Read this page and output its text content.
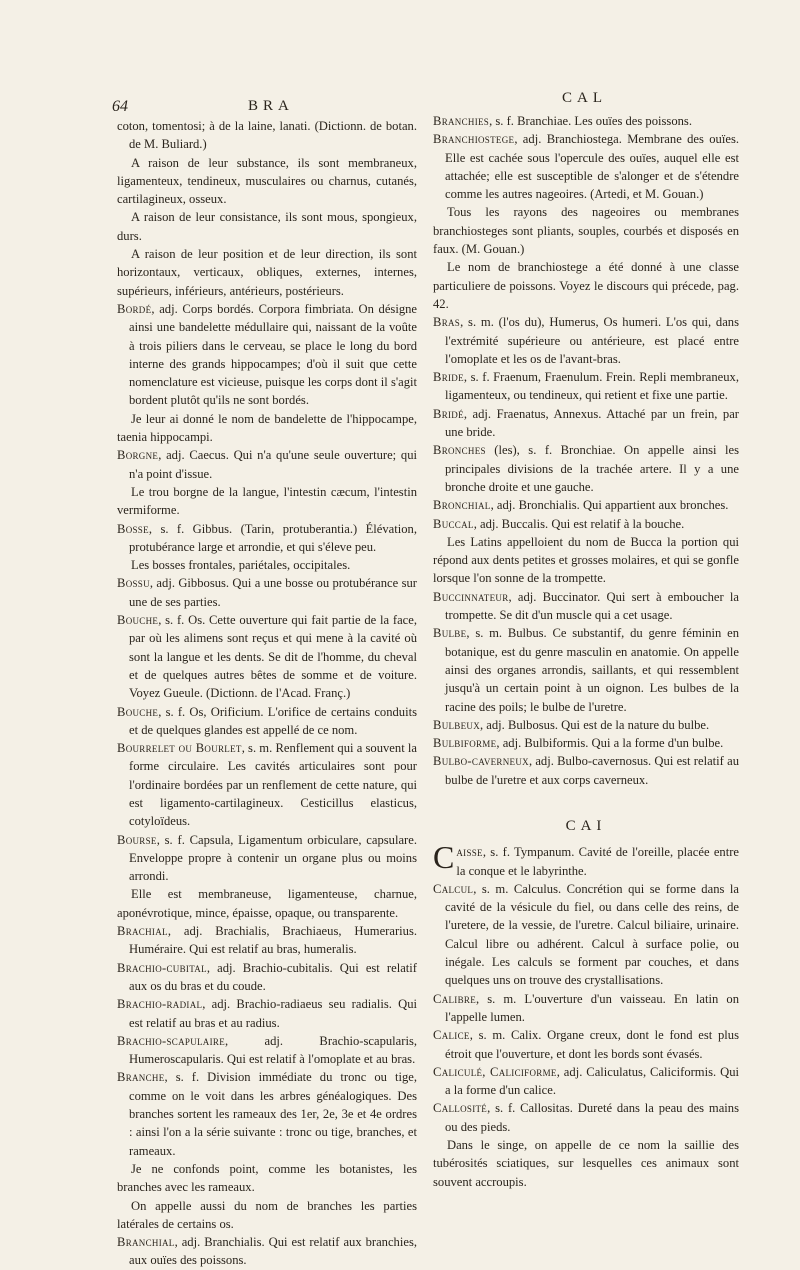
64	BRA	CAL

coton, tomentosi; à de la laine, lanati. (Dictionn. de botan. de M. Buliard.)

A raison de leur substance, ils sont membraneux, ligamenteux, tendineux, musculaires ou charnus, cutanés, cartilagineux, osseux.

A raison de leur consistance, ils sont mous, spongieux, durs.

A raison de leur position et de leur direction, ils sont horizontaux, verticaux, obliques, externes, internes, supérieurs, inférieurs, antérieurs, postérieurs.

Bordé, adj. Corps bordés. Corpora fimbriata. On désigne ainsi une bandelette médullaire qui, naissant de la voûte à trois piliers dans le cerveau, se place le long du bord interne des grands hippocampes; d'où il suit que cette nomenclature est vicieuse, puisque les corps dont il s'agit bordent plutôt qu'ils ne sont bordés.

Je leur ai donné le nom de bandelette de l'hippocampe, taenia hippocampi.

Borgne, adj. Caecus. Qui n'a qu'une seule ouverture; qui n'a point d'issue.

Le trou borgne de la langue, l'intestin cæcum, l'intestin vermiforme.

Bosse, s. f. Gibbus. (Tarin, protuberantia.) Élévation, protubérance large et arrondie, et qui s'éleve peu.

Les bosses frontales, pariétales, occipitales.

Bossu, adj. Gibbosus. Qui a une bosse ou protubérance sur une de ses parties.

Bouche, s. f. Os. Cette ouverture qui fait partie de la face, par où les alimens sont reçus et qui mene à la cavité où sont la langue et les dents. Se dit de l'homme, du cheval et de quelques autres bêtes de somme et de voiture. Voyez Gueule. (Dictionn. de l'Acad. Franç.)

Bouche, s. f. Os, Orificium. L'orifice de certains conduits et de quelques glandes est appellé de ce nom.

Bourrelet ou Bourlet, s. m. Renflement qui a souvent la forme circulaire. Les cavités articulaires sont pour l'ordinaire bordées par un renflement de cette nature, qui est ligamento-cartilagineux. Cesticillus elasticus, cotyloïdeus.

Bourse, s. f. Capsula, Ligamentum orbiculare, capsulare. Enveloppe propre à contenir un organe plus ou moins arrondi.

Elle est membraneuse, ligamenteuse, charnue, aponévrotique, mince, épaisse, opaque, ou transparente.

Brachial, adj. Brachialis, Brachiaeus, Humerarius. Huméraire. Qui est relatif au bras, humeralis.

Brachio-cubital, adj. Brachio-cubitalis. Qui est relatif aux os du bras et du coude.

Brachio-radial, adj. Brachio-radiaeus seu radialis. Qui est relatif au bras et au radius.

Brachio-scapulaire, adj. Brachio-scapularis, Humeroscapularis. Qui est relatif à l'omoplate et au bras.

Branche, s. f. Division immédiate du tronc ou tige, comme on le voit dans les arbres généalogiques. Des branches sortent les rameaux des 1er, 2e, 3e et 4e ordres : ainsi l'on a la série suivante : tronc ou tige, branches, et rameaux.

Je ne confonds point, comme les botanistes, les branches avec les rameaux.

On appelle aussi du nom de branches les parties latérales de certains os.

Branchial, adj. Branchialis. Qui est relatif aux branchies, aux ouïes des poissons.

Branchies, s. f. Branchiae. Les ouïes des poissons.

Branchiostege, adj. Branchiostega. Membrane des ouïes. Elle est cachée sous l'opercule des ouïes, auquel elle est attachée; elle est susceptible de s'alonger et de s'étendre comme les autres nageoires. (Artedi, et M. Gouan.)

Tous les rayons des nageoires ou membranes branchiosteges sont pliants, souples, courbés et disposés en faux. (M. Gouan.)

Le nom de branchiostege a été donné à une classe particuliere de poissons. Voyez le discours qui précede, pag. 42.

Bras, s. m. (l'os du), Humerus, Os humeri. L'os qui, dans l'extrémité supérieure ou antérieure, est placé entre l'omoplate et les os de l'avant-bras.

Bride, s. f. Fraenum, Fraenulum. Frein. Repli membraneux, ligamenteux, ou tendineux, qui retient et fixe une partie.

Bridé, adj. Fraenatus, Annexus. Attaché par un frein, par une bride.

Bronches (les), s. f. Bronchiae. On appelle ainsi les principales divisions de la trachée artere. Il y a une bronche droite et une gauche.

Bronchial, adj. Bronchialis. Qui appartient aux bronches.

Buccal, adj. Buccalis. Qui est relatif à la bouche.

Les Latins appelloient du nom de Bucca la portion qui répond aux dents petites et grosses molaires, et qui se gonfle lorsque l'on sonne de la trompette.

Buccinnateur, adj. Buccinator. Qui sert à emboucher la trompette. Se dit d'un muscle qui a cet usage.

Bulbe, s. m. Bulbus. Ce substantif, du genre féminin en botanique, est du genre masculin en anatomie. On appelle ainsi des organes arrondis, saillants, et qui ressemblent jusqu'à un certain point à un oignon. Les bulbes de la racine des poils; le bulbe de l'uretre.

Bulbeux, adj. Bulbosus. Qui est de la nature du bulbe.

Bulbiforme, adj. Bulbiformis. Qui a la forme d'un bulbe.

Bulbo-caverneux, adj. Bulbo-cavernosus. Qui est relatif au bulbe de l'uretre et aux corps caverneux.

CAI

Caisse, s. f. Tympanum. Cavité de l'oreille, placée entre la conque et le labyrinthe.

Calcul, s. m. Calculus. Concrétion qui se forme dans la cavité de la vésicule du fiel, ou dans celle des reins, de l'uretere, de la vessie, de l'uretre. Calcul biliaire, urinaire. Calcul libre ou adhérent. Calcul à surface polie, ou inégale. Les calculs se forment par couches, et dans quelques uns on trouve des crystallisations.

Calibre, s. m. L'ouverture d'un vaisseau. En latin on l'appelle lumen.

Calice, s. m. Calix. Organe creux, dont le fond est plus étroit que l'ouverture, et dont les bords sont évasés.

Caliculé, Caliciforme, adj. Caliculatus, Caliciformis. Qui a la forme d'un calice.

Callosité, s. f. Callositas. Dureté dans la peau des mains ou des pieds.

Dans le singe, on appelle de ce nom la saillie des tubérosités sciatiques, sur lesquelles ces animaux sont souvent accroupis.
